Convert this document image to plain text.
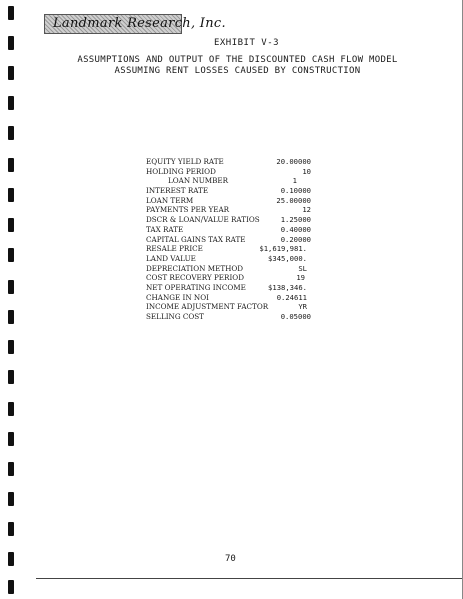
Landmark Research, Inc.
EXHIBIT V-3
ASSUMPTIONS AND OUTPUT OF THE DISCOUNTED CASH FLOW MODEL
ASSUMING RENT LOSSES CAUSED BY CONSTRUCTION
EQUITY YIELD RATE	20.00000
HOLDING PERIOD	10
LOAN NUMBER	1
INTEREST RATE	0.10000
LOAN TERM	25.00000
PAYMENTS PER YEAR	12
DSCR & LOAN/VALUE RATIOS	1.25000
TAX RATE	0.40000
CAPITAL GAINS TAX RATE	0.20000
RESALE PRICE	$1,619,981.
LAND VALUE	$345,000.
DEPRECIATION METHOD	SL
COST RECOVERY PERIOD	19
NET OPERATING INCOME	$138,346.
CHANGE IN NOI	0.24611
INCOME ADJUSTMENT FACTOR	YR
SELLING COST	0.05000
70
